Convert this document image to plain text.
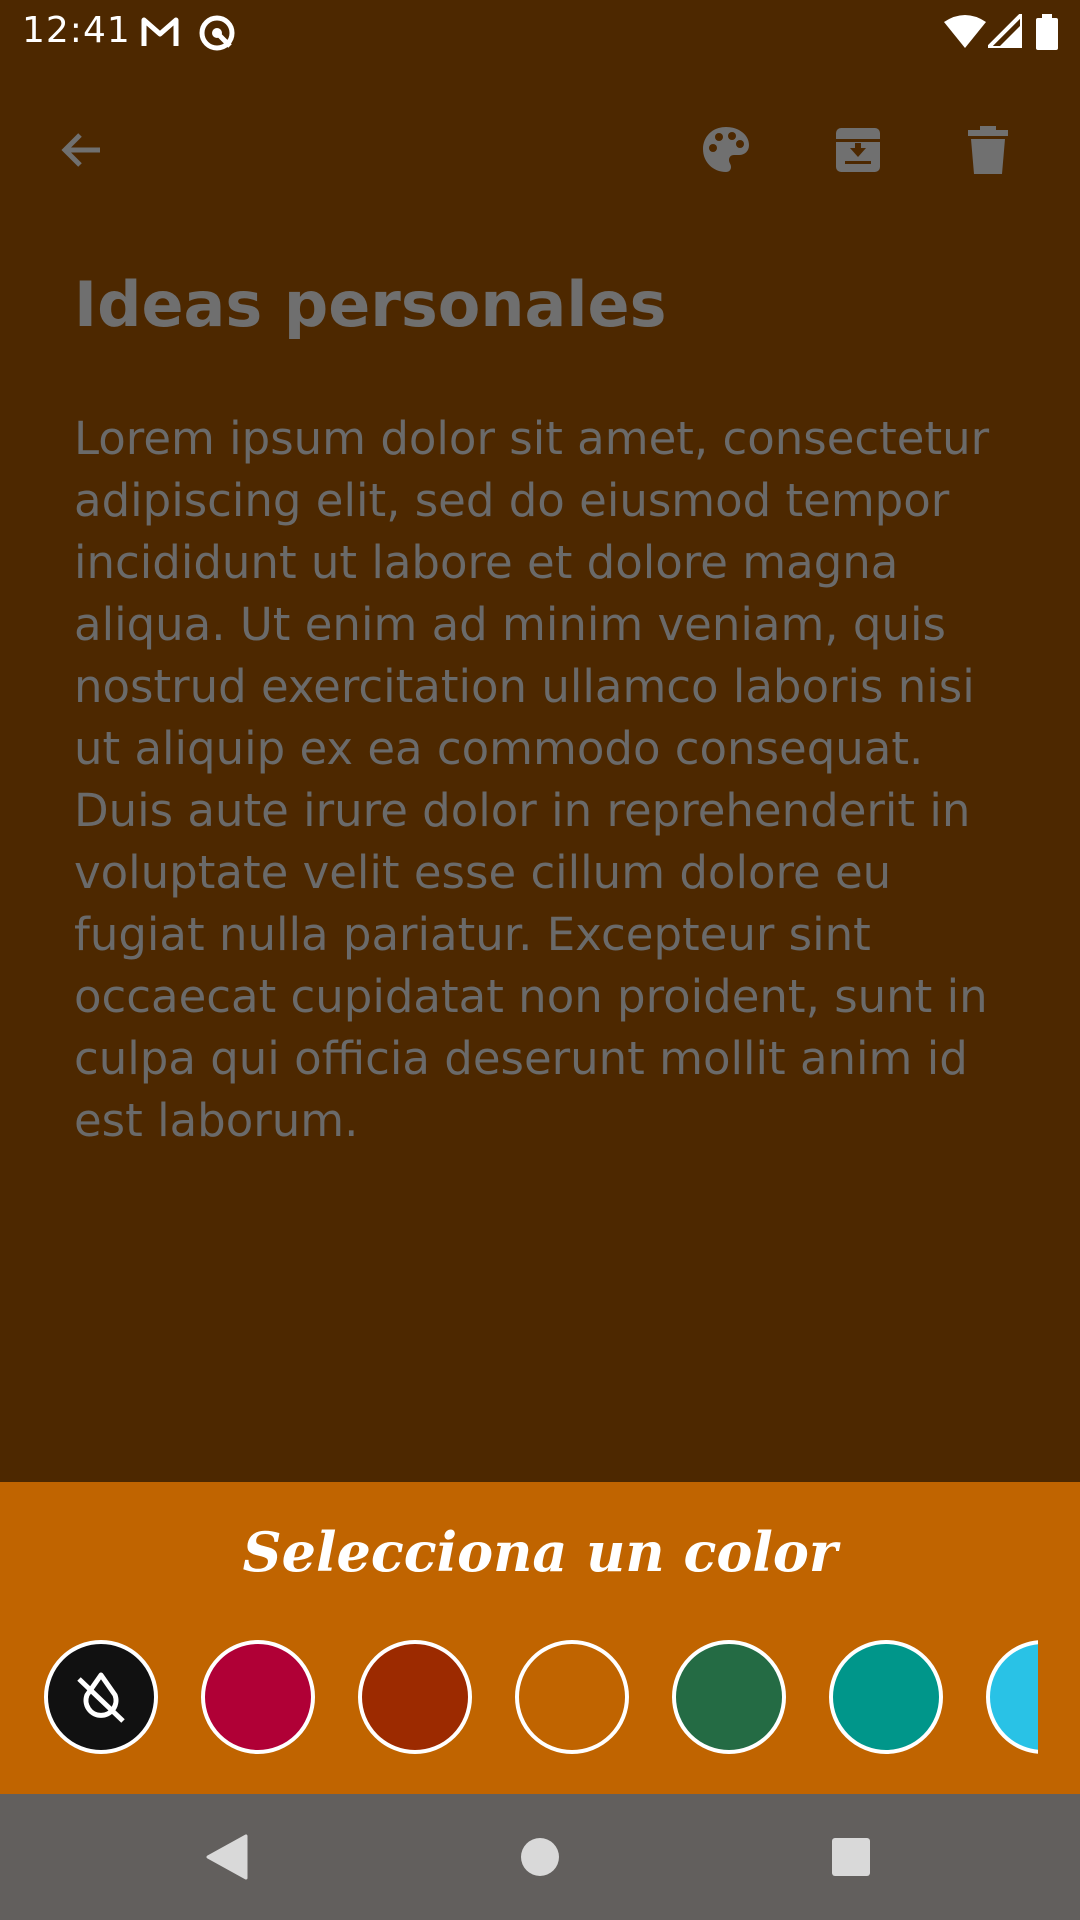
12:41
Ideas personales
Lorem ipsum dolor sit amet, consectetur adipiscing elit, sed do eiusmod tempor incididunt ut labore et dolore magna aliqua. Ut enim ad minim veniam, quis nostrud exercitation ullamco laboris nisi ut aliquip ex ea commodo consequat. Duis aute irure dolor in reprehenderit in voluptate velit esse cillum dolore eu fugiat nulla pariatur. Excepteur sint occaecat cupidatat non proident, sunt in culpa qui officia deserunt mollit anim id est laborum.
Selecciona un color
